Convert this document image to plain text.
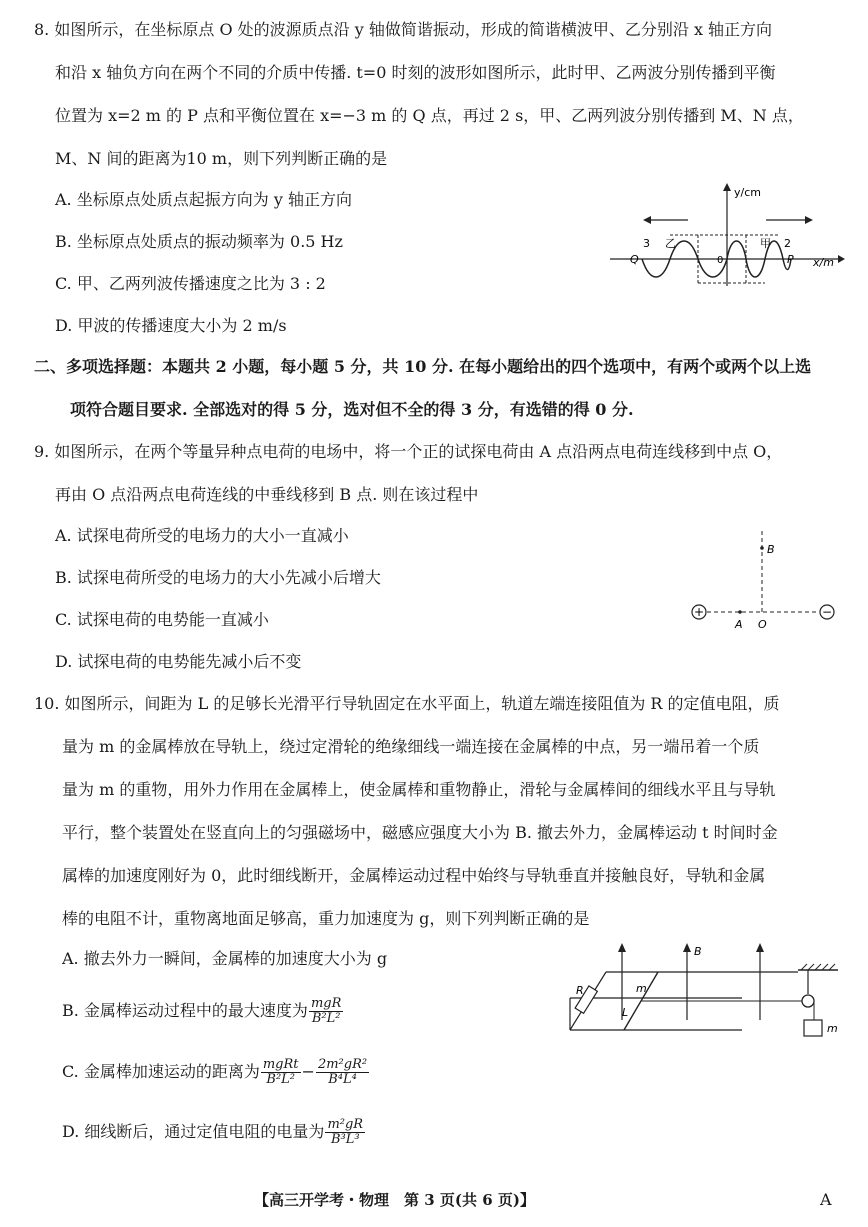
8. 如图所示，在坐标原点 O 处的波源质点沿 y 轴做简谐振动，形成的简谐横波甲、乙分别沿 x 轴正方向
和沿 x 轴负方向在两个不同的介质中传播. t=0 时刻的波形如图所示，此时甲、乙两波分别传播到平衡
位置为 x=2 m 的 P 点和平衡位置在 x=−3 m 的 Q 点，再过 2 s，甲、乙两列波分别传播到 M、N 点，
M、N 间的距离为10 m，则下列判断正确的是
A. 坐标原点处质点起振方向为 y 轴正方向
B. 坐标原点处质点的振动频率为 0.5 Hz
C. 甲、乙两列波传播速度之比为 3 : 2
D. 甲波的传播速度大小为 2 m/s
y/cm
x/m
3 乙	甲 2
Q	0	P
二、多项选择题：本题共 2 小题，每小题 5 分，共 10 分. 在每小题给出的四个选项中，有两个或两个以上选
项符合题目要求. 全部选对的得 5 分，选对但不全的得 3 分，有选错的得 0 分.
9. 如图所示，在两个等量异种点电荷的电场中，将一个正的试探电荷由 A 点沿两点电荷连线移到中点 O，
再由 O 点沿两点电荷连线的中垂线移到 B 点. 则在该过程中
A. 试探电荷所受的电场力的大小一直减小
B. 试探电荷所受的电场力的大小先减小后增大
C. 试探电荷的电势能一直减小
D. 试探电荷的电势能先减小后不变
+	−
A O
B
10. 如图所示，间距为 L 的足够长光滑平行导轨固定在水平面上，轨道左端连接阻值为 R 的定值电阻，质
量为 m 的金属棒放在导轨上，绕过定滑轮的绝缘细线一端连接在金属棒的中点，另一端吊着一个质
量为 m 的重物，用外力作用在金属棒上，使金属棒和重物静止，滑轮与金属棒间的细线水平且与导轨
平行，整个装置处在竖直向上的匀强磁场中，磁感应强度大小为 B. 撤去外力，金属棒运动 t 时间时金
属棒的加速度刚好为 0，此时细线断开，金属棒运动过程中始终与导轨垂直并接触良好，导轨和金属
棒的电阻不计，重物离地面足够高，重力加速度为 g，则下列判断正确的是
A. 撤去外力一瞬间，金属棒的加速度大小为 g
B. 金属棒运动过程中的最大速度为 $\frac{\text{mgR}}{\text{B²L²}}$
C. 金属棒加速运动的距离为 $\frac{\text{mgRt}}{\text{B²L²}} - \frac{\text{2m²gR²}}{\text{B⁴L⁴}}$
D. 细线断后，通过定值电阻的电量为 $\frac{\text{m²gR}}{\text{B³L³}}$
R	m
L
B
m
【高三开学考・物理　第 3 页(共 6 页)】	A
